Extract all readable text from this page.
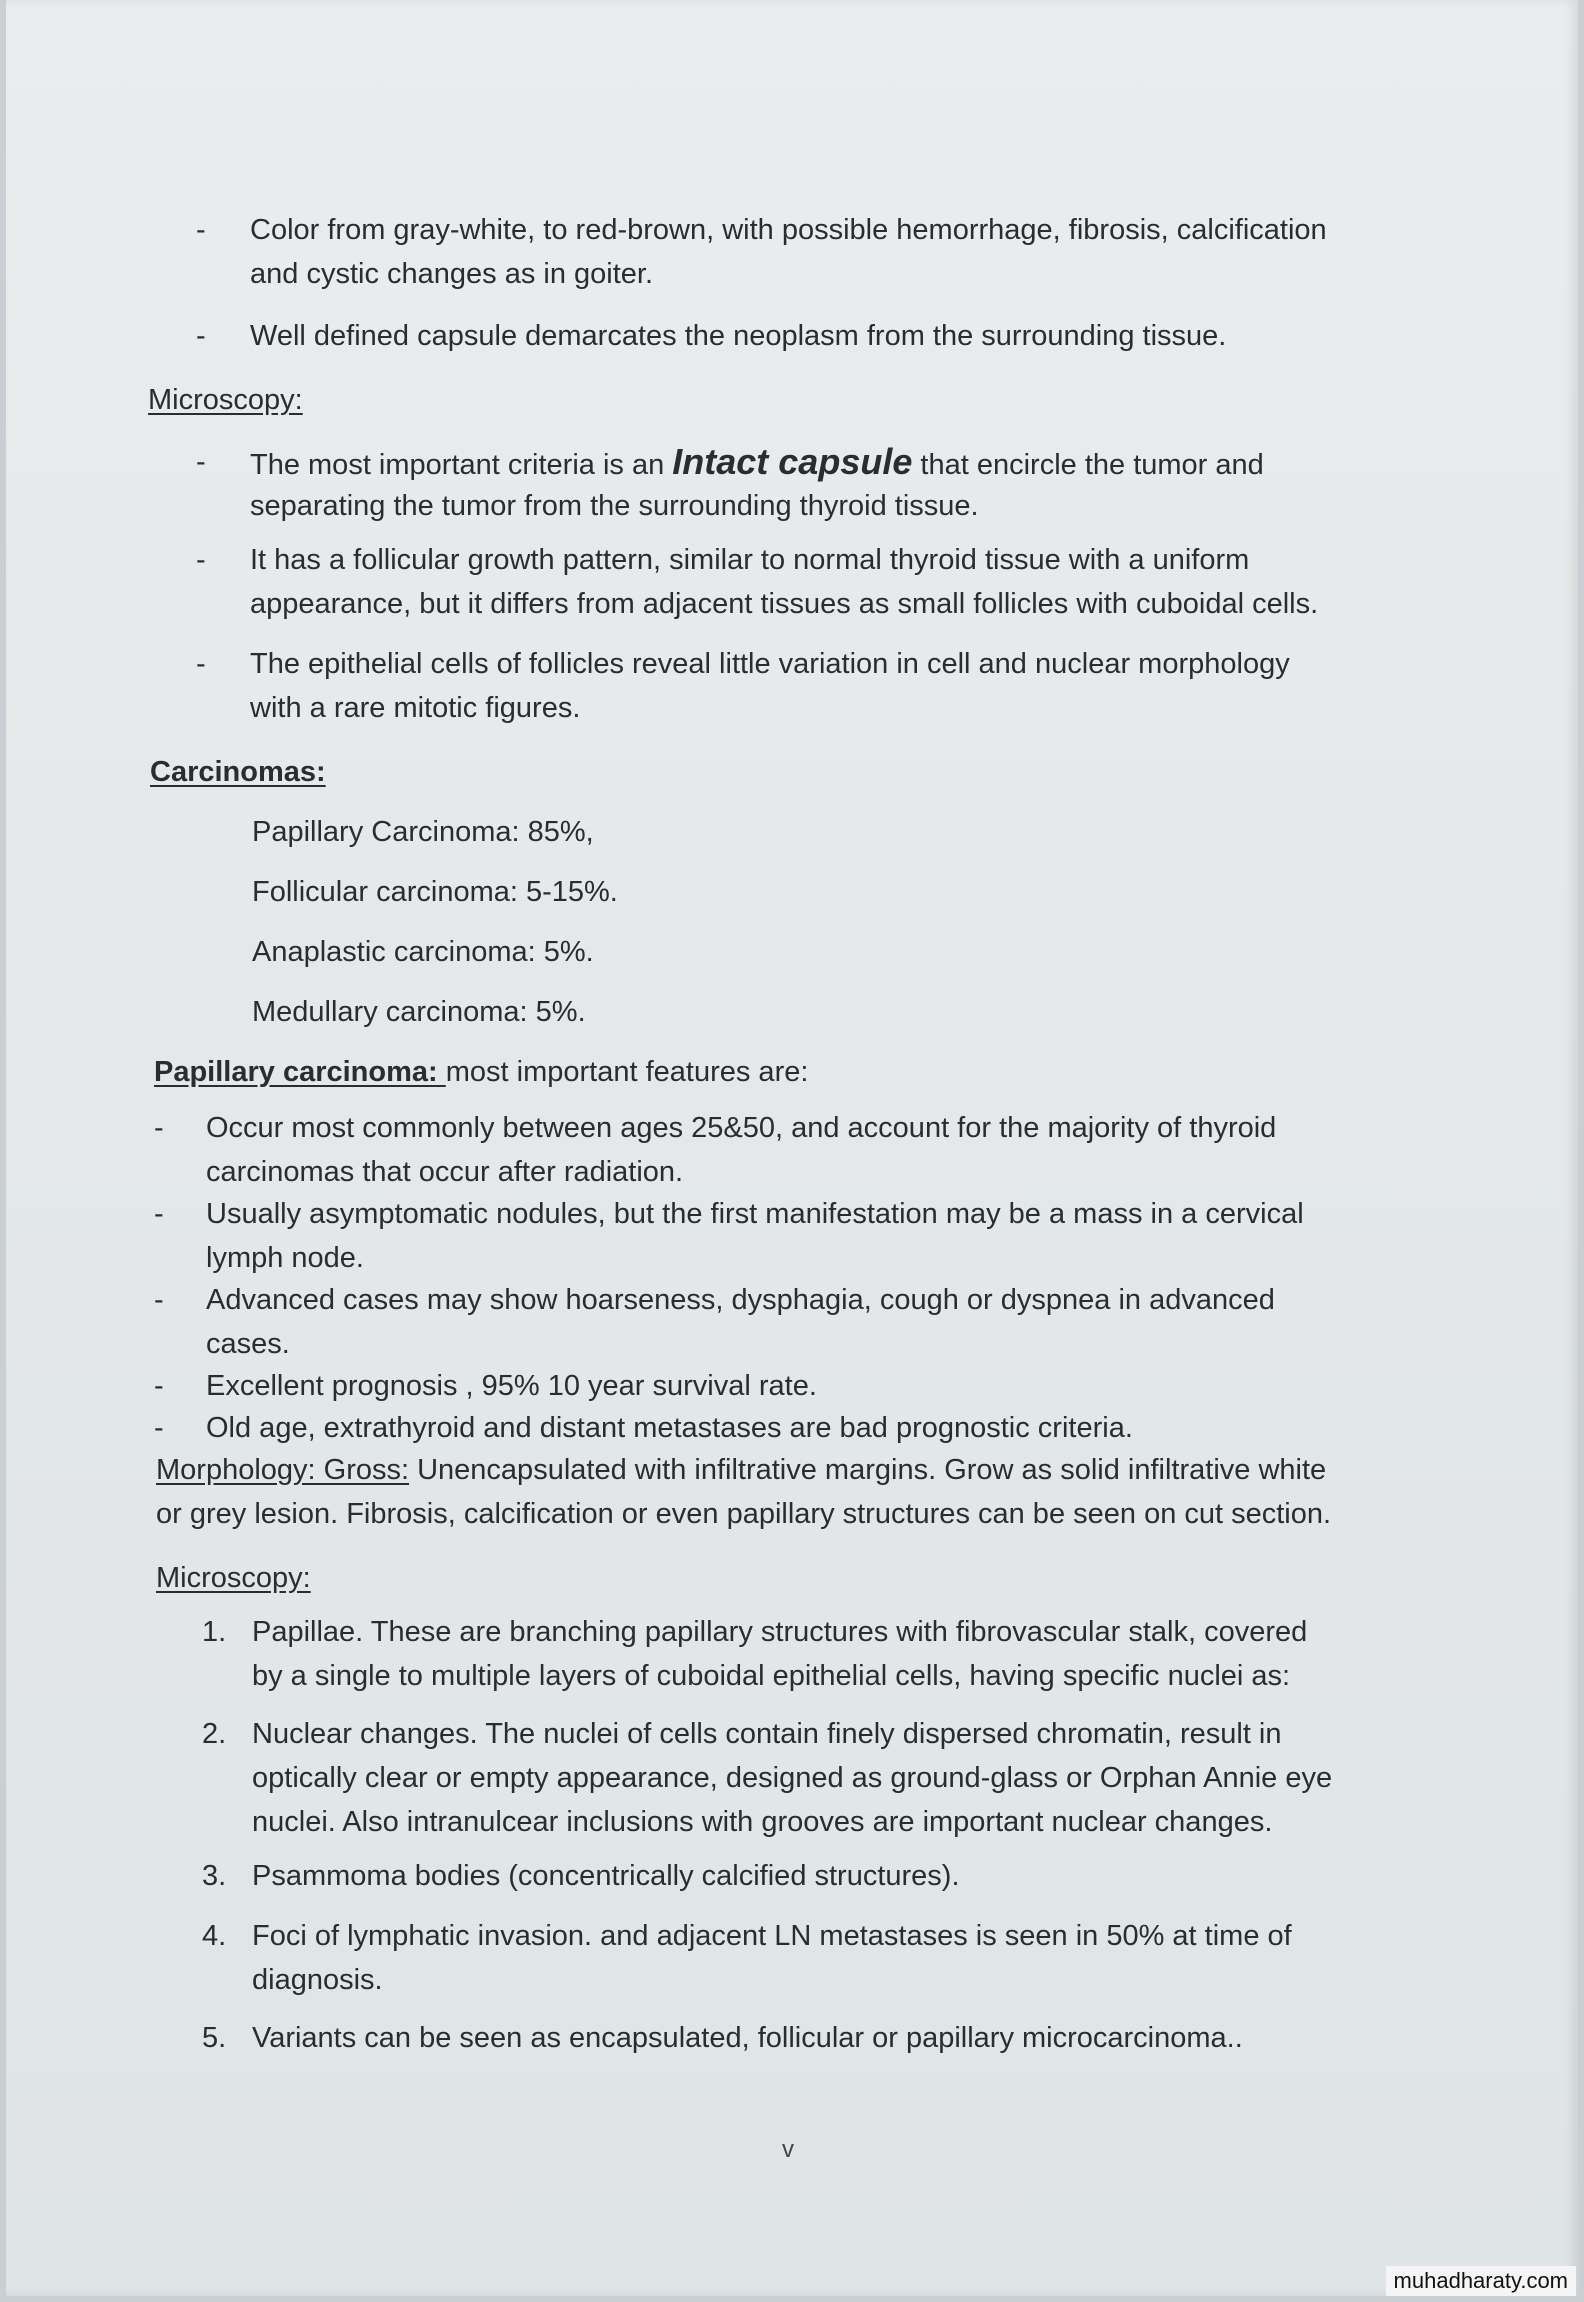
-	Color from gray-white, to red-brown, with possible hemorrhage, fibrosis, calcification
and cystic changes as in goiter.
-	Well defined capsule demarcates the neoplasm from the surrounding tissue.
Microscopy:
-	The most important criteria is an Intact capsule that encircle the tumor and
separating the tumor from the surrounding thyroid tissue.
-	It has a follicular growth pattern, similar to normal thyroid tissue with a uniform
appearance, but it differs from adjacent tissues as small follicles with cuboidal cells.
-	The epithelial cells of follicles reveal little variation in cell and nuclear morphology
with a rare mitotic figures.
Carcinomas:
Papillary Carcinoma: 85%,
Follicular carcinoma: 5-15%.
Anaplastic carcinoma: 5%.
Medullary carcinoma: 5%.
Papillary carcinoma: most important features are:
-	Occur most commonly between ages 25&50, and account for the majority of thyroid
carcinomas that occur after radiation.
-	Usually asymptomatic nodules, but the first manifestation may be a mass in a cervical
lymph node.
-	Advanced cases may show hoarseness, dysphagia, cough or dyspnea in advanced
cases.
-	Excellent prognosis , 95% 10 year survival rate.
-	Old age, extrathyroid and distant metastases are bad prognostic criteria.
Morphology: Gross: Unencapsulated with infiltrative margins. Grow as solid infiltrative white
or grey lesion. Fibrosis, calcification or even papillary structures can be seen on cut section.
Microscopy:
1. Papillae. These are branching papillary structures with fibrovascular stalk, covered
by a single to multiple layers of cuboidal epithelial cells, having specific nuclei as:
2. Nuclear changes. The nuclei of cells contain finely dispersed chromatin, result in
optically clear or empty appearance, designed as ground-glass or Orphan Annie eye
nuclei. Also intranulcear inclusions with grooves are important nuclear changes.
3. Psammoma bodies (concentrically calcified structures).
4. Foci of lymphatic invasion. and adjacent LN metastases is seen in 50% at time of
diagnosis.
5. Variants can be seen as encapsulated, follicular or papillary microcarcinoma..
v
muhadharaty.com
